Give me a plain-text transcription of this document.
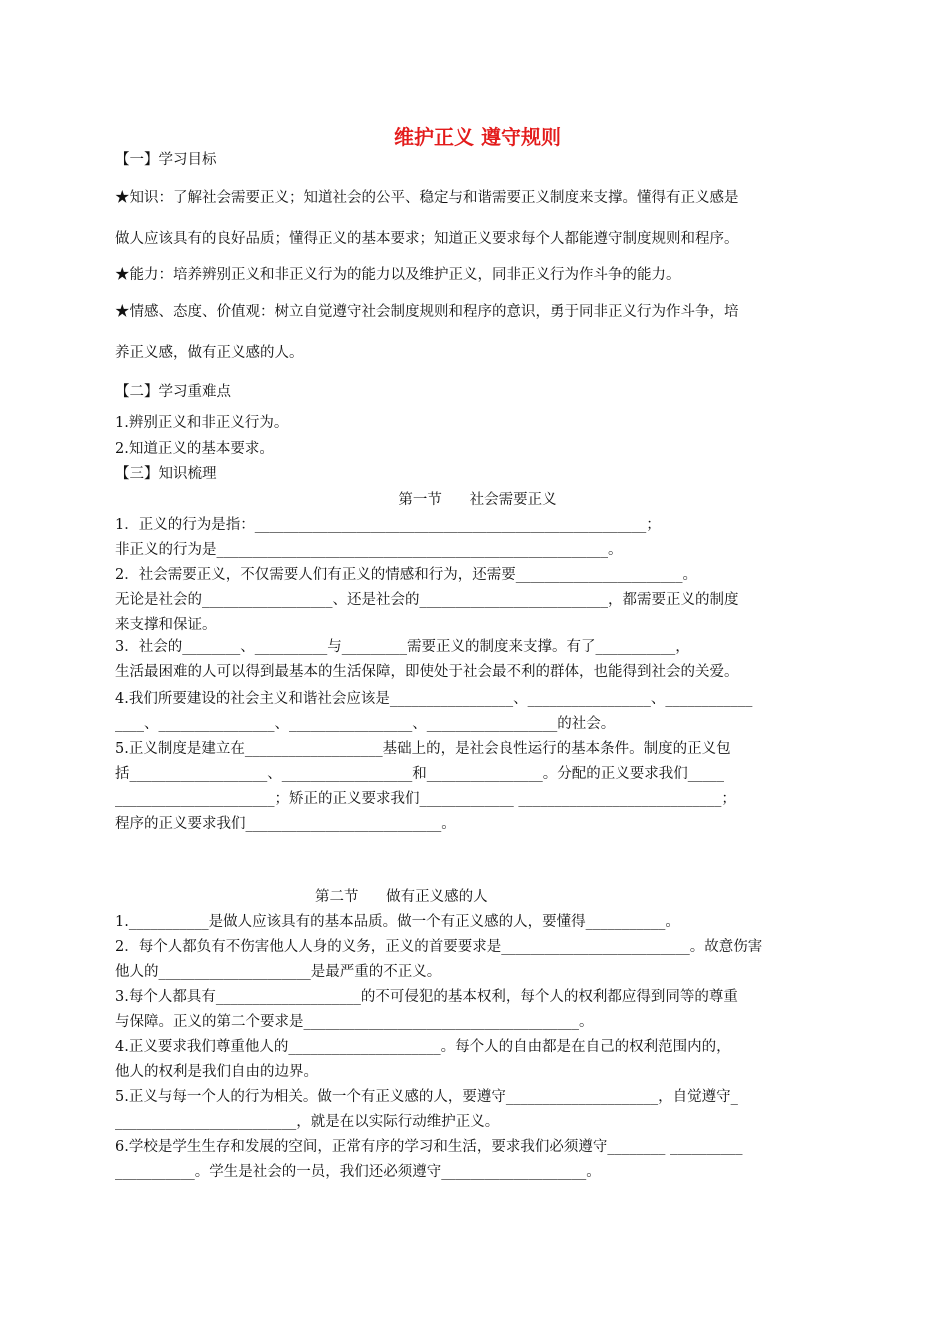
维护正义 遵守规则

【一】学习目标

★知识：了解社会需要正义；知道社会的公平、稳定与和谐需要正义制度来支撑。懂得有正义感是

做人应该具有的良好品质；懂得正义的基本要求；知道正义要求每个人都能遵守制度规则和程序。

★能力：培养辨别正义和非正义行为的能力以及维护正义，同非正义行为作斗争的能力。

★情感、态度、价值观：树立自觉遵守社会制度规则和程序的意识，勇于同非正义行为作斗争，培

养正义感，做有正义感的人。

【二】学习重难点

1.辨别正义和非正义行为。

2.知道正义的基本要求。

【三】知识梳理

第一节      社会需要正义

1．正义的行为是指：______________________________________________________；

非正义的行为是______________________________________________________。

2．社会需要正义，不仅需要人们有正义的情感和行为，还需要_______________________。

无论是社会的__________________、还是社会的__________________________，都需要正义的制度

来支撑和保证。

3．社会的________、__________与_________需要正义的制度来支撑。有了___________，

生活最困难的人可以得到最基本的生活保障，即使处于社会最不利的群体，也能得到社会的关爱。

4.我们所要建设的社会主义和谐社会应该是_________________、_________________、____________

____、________________、_________________、__________________的社会。

5.正义制度是建立在___________________基础上的，是社会良性运行的基本条件。制度的正义包

括___________________、__________________和________________。分配的正义要求我们_____

______________________；矫正的正义要求我们_____________ ____________________________；

程序的正义要求我们___________________________。

第二节      做有正义感的人

1.___________是做人应该具有的基本品质。做一个有正义感的人，要懂得___________。

2．每个人都负有不伤害他人人身的义务，正义的首要要求是__________________________。故意伤害

他人的_____________________是最严重的不正义。

3.每个人都具有____________________的不可侵犯的基本权利，每个人的权利都应得到同等的尊重

与保障。正义的第二个要求是______________________________________。

4.正义要求我们尊重他人的_____________________。每个人的自由都是在自己的权利范围内的，

他人的权利是我们自由的边界。

5.正义与每一个人的行为相关。做一个有正义感的人，要遵守_____________________，自觉遵守_

_________________________，就是在以实际行动维护正义。

6.学校是学生生存和发展的空间，正常有序的学习和生活，要求我们必须遵守________ __________

___________。学生是社会的一员，我们还必须遵守____________________。
